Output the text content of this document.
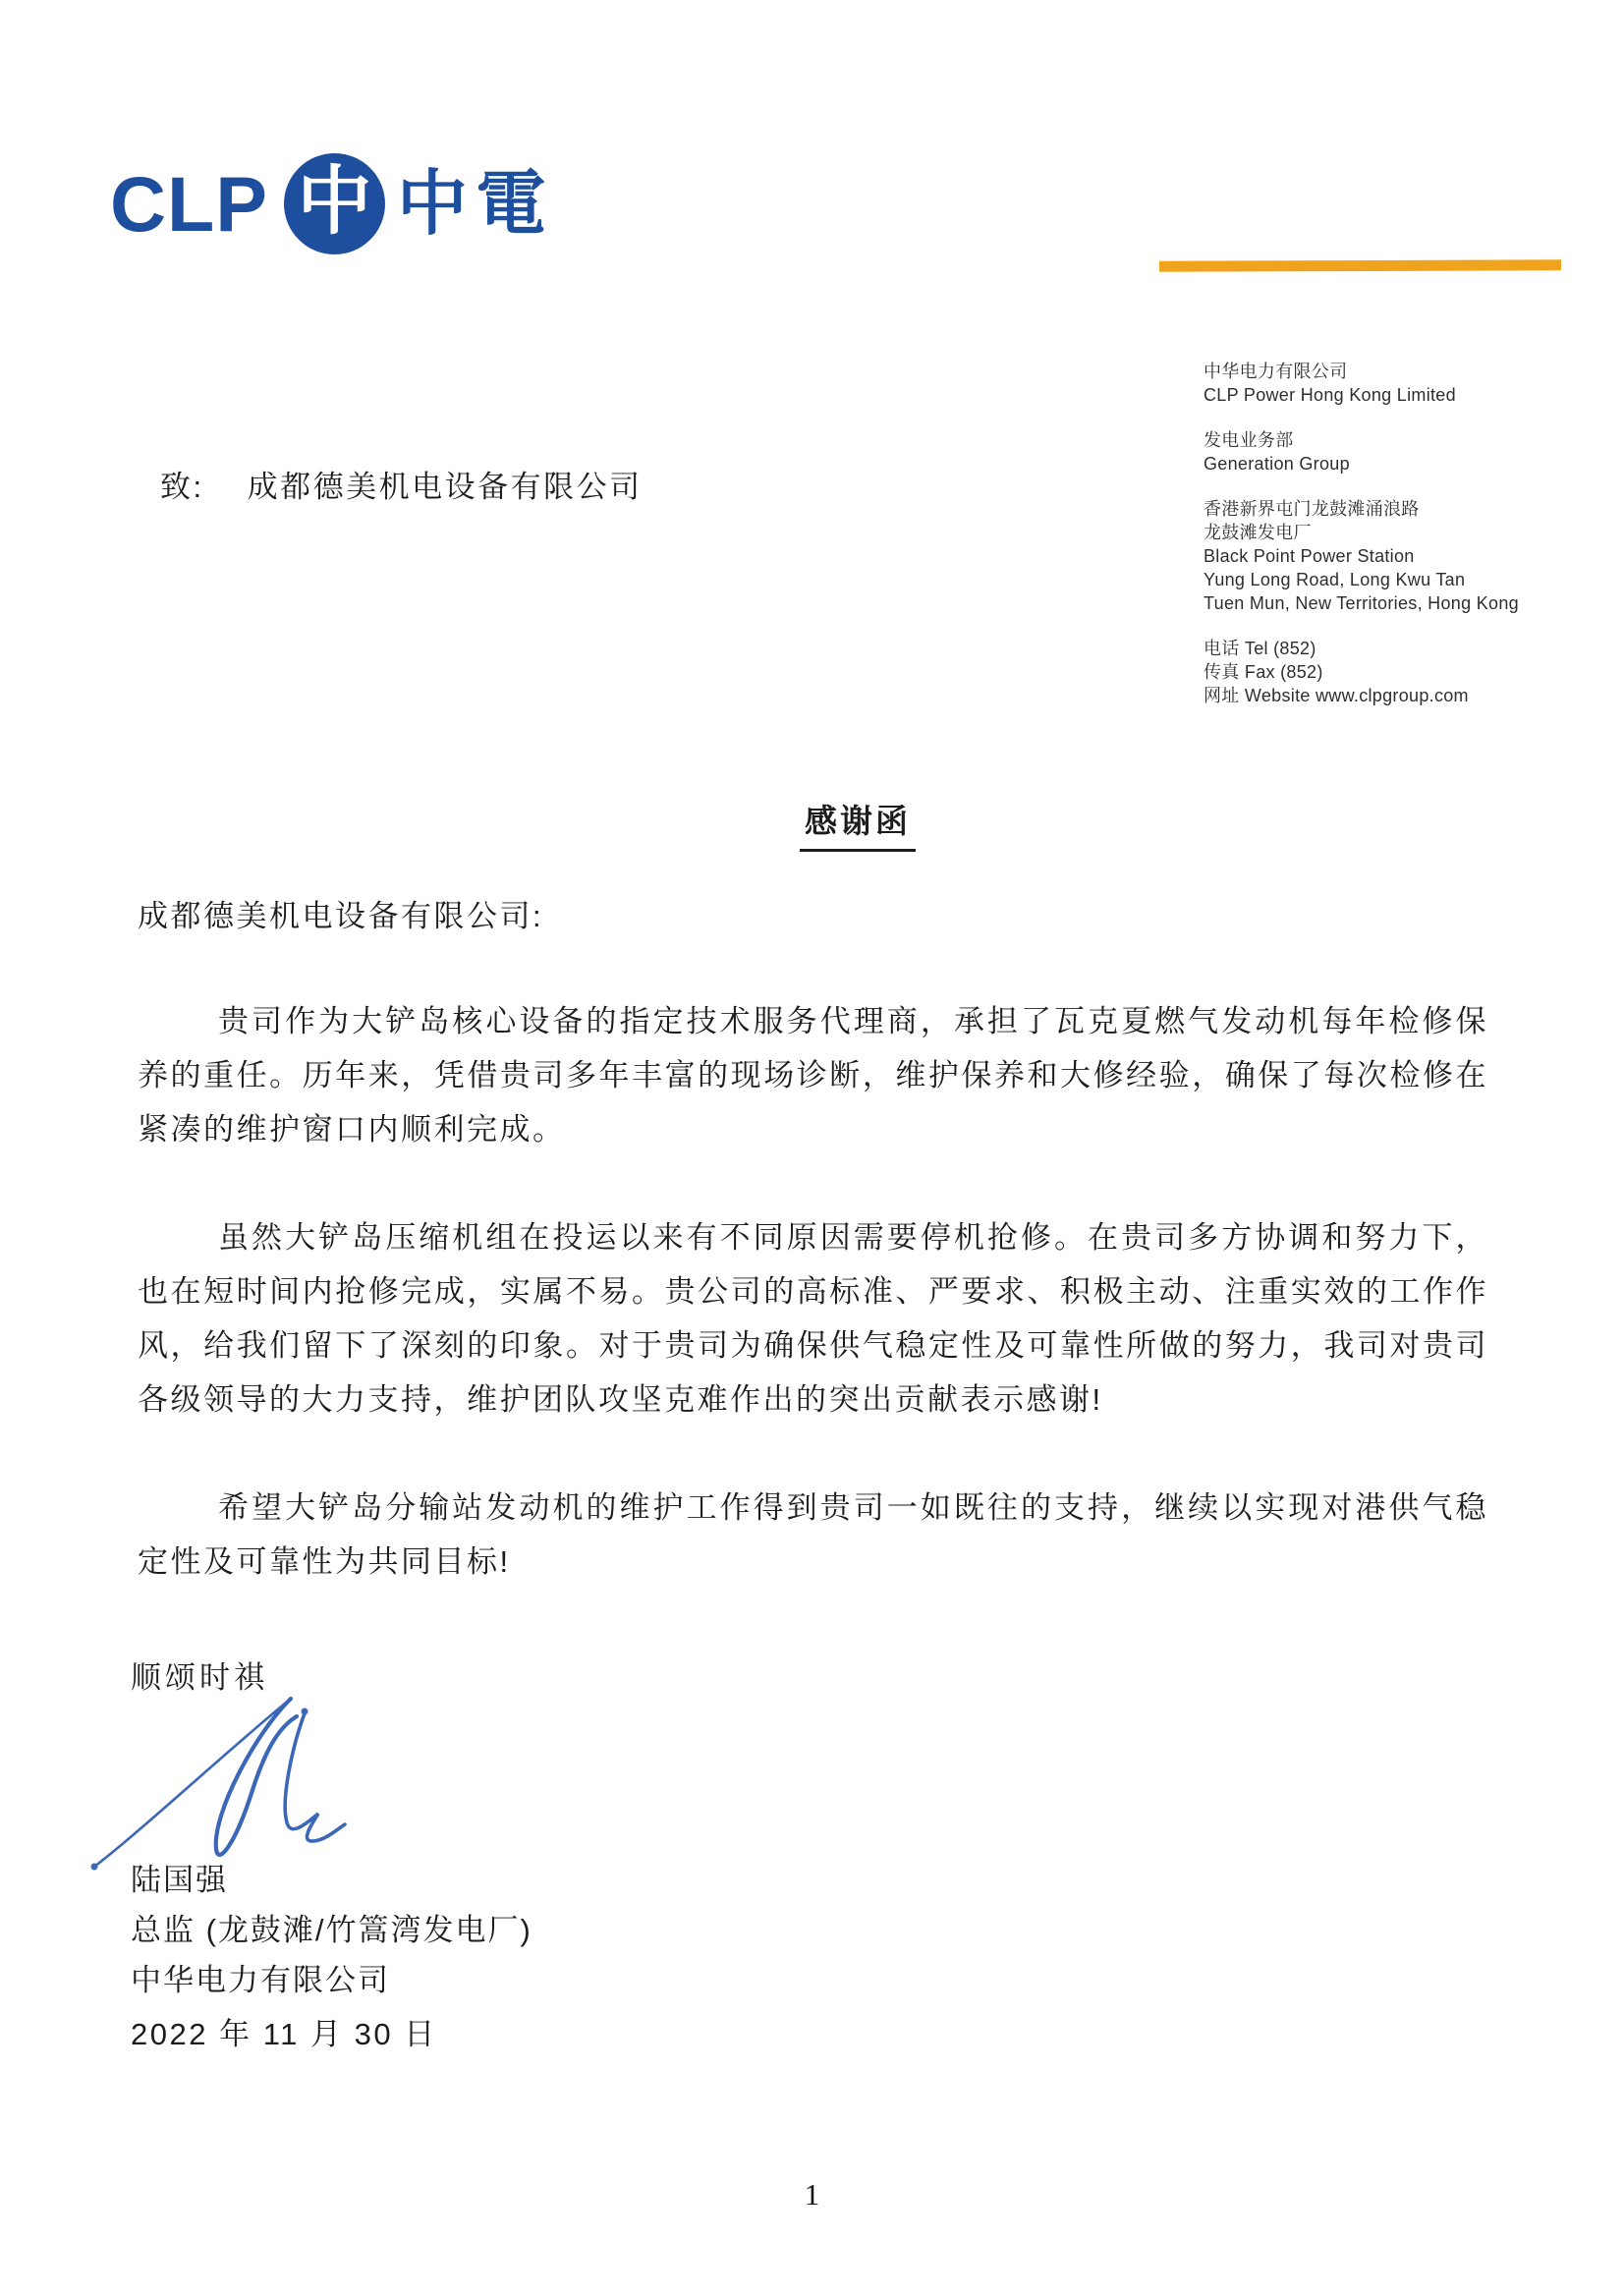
CLP 中 中電
中华电力有限公司
CLP Power Hong Kong Limited
发电业务部
Generation Group
香港新界屯门龙鼓滩涌浪路
龙鼓滩发电厂
Black Point Power Station
Yung Long Road, Long Kwu Tan
Tuen Mun, New Territories, Hong Kong
电话 Tel (852)
传真 Fax (852)
网址 Website www.clpgroup.com
致: 成都德美机电设备有限公司
感谢函
成都德美机电设备有限公司:

贵司作为大铲岛核心设备的指定技术服务代理商，承担了瓦克夏燃气发动机每年检修保养的重任。历年来，凭借贵司多年丰富的现场诊断，维护保养和大修经验，确保了每次检修在紧凑的维护窗口内顺利完成。

虽然大铲岛压缩机组在投运以来有不同原因需要停机抢修。在贵司多方协调和努力下，也在短时间内抢修完成，实属不易。贵公司的高标准、严要求、积极主动、注重实效的工作作风，给我们留下了深刻的印象。对于贵司为确保供气稳定性及可靠性所做的努力，我司对贵司各级领导的大力支持，维护团队攻坚克难作出的突出贡献表示感谢!

希望大铲岛分输站发动机的维护工作得到贵司一如既往的支持，继续以实现对港供气稳定性及可靠性为共同目标!

顺颂时祺
陆国强
总监 (龙鼓滩/竹篙湾发电厂)
中华电力有限公司
2022 年 11 月 30 日
1
